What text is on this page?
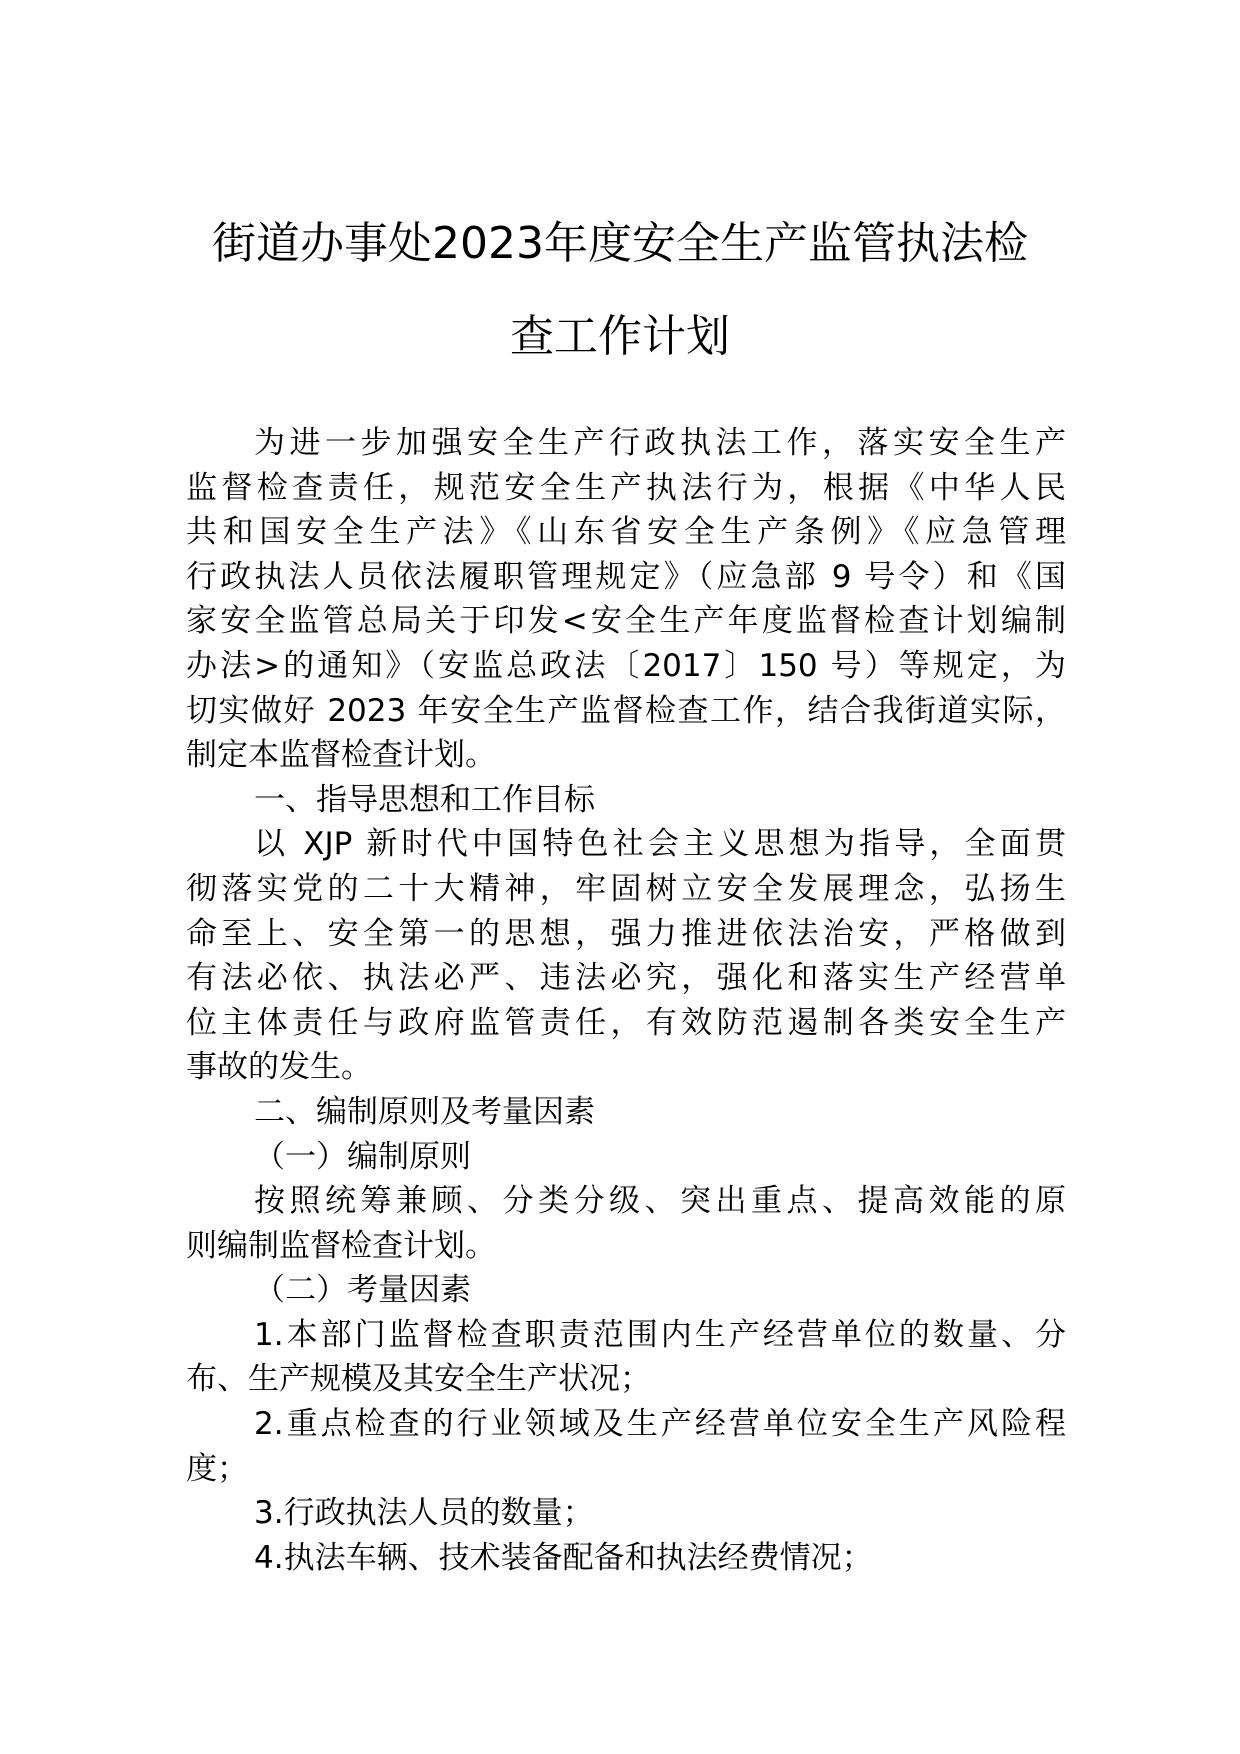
街道办事处2023年度安全生产监管执法检
查工作计划
为进一步加强安全生产行政执法工作，落实安全生产
监督检查责任，规范安全生产执法行为，根据《中华人民
共和国安全生产法》《山东省安全生产条例》《应急管理
行政执法人员依法履职管理规定》（应急部 9 号令）和《国
家安全监管总局关于印发<安全生产年度监督检查计划编制
办法>的通知》（安监总政法〔2017〕150 号）等规定，为
切实做好 2023 年安全生产监督检查工作，结合我街道实际，
制定本监督检查计划。
一、指导思想和工作目标
以 XJP 新时代中国特色社会主义思想为指导，全面贯
彻落实党的二十大精神，牢固树立安全发展理念，弘扬生
命至上、安全第一的思想，强力推进依法治安，严格做到
有法必依、执法必严、违法必究，强化和落实生产经营单
位主体责任与政府监管责任，有效防范遏制各类安全生产
事故的发生。
二、编制原则及考量因素
（一）编制原则
按照统筹兼顾、分类分级、突出重点、提高效能的原
则编制监督检查计划。
（二）考量因素
1.本部门监督检查职责范围内生产经营单位的数量、分
布、生产规模及其安全生产状况；
2.重点检查的行业领域及生产经营单位安全生产风险程
度；
3.行政执法人员的数量；
4.执法车辆、技术装备配备和执法经费情况；
